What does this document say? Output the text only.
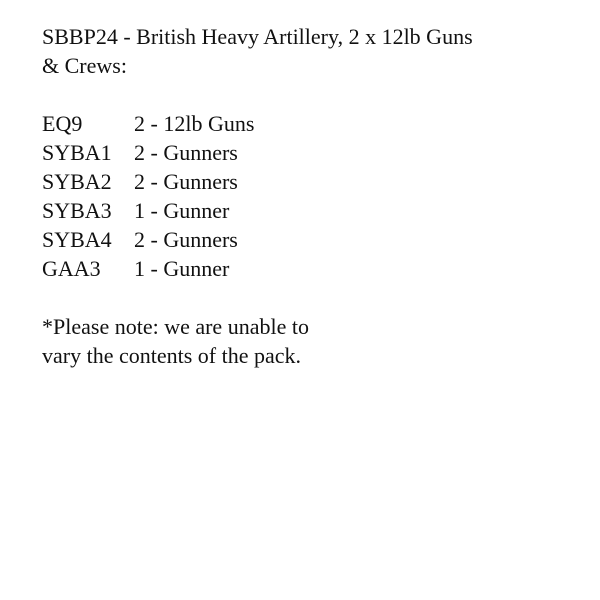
SBBP24 - British Heavy Artillery, 2 x 12lb Guns
& Crews:
EQ9	2 - 12lb Guns
SYBA1	2 - Gunners
SYBA2	2 - Gunners
SYBA3	1 - Gunner
SYBA4	2 - Gunners
GAA3	1 - Gunner
*Please note: we are unable to
vary the contents of the pack.
